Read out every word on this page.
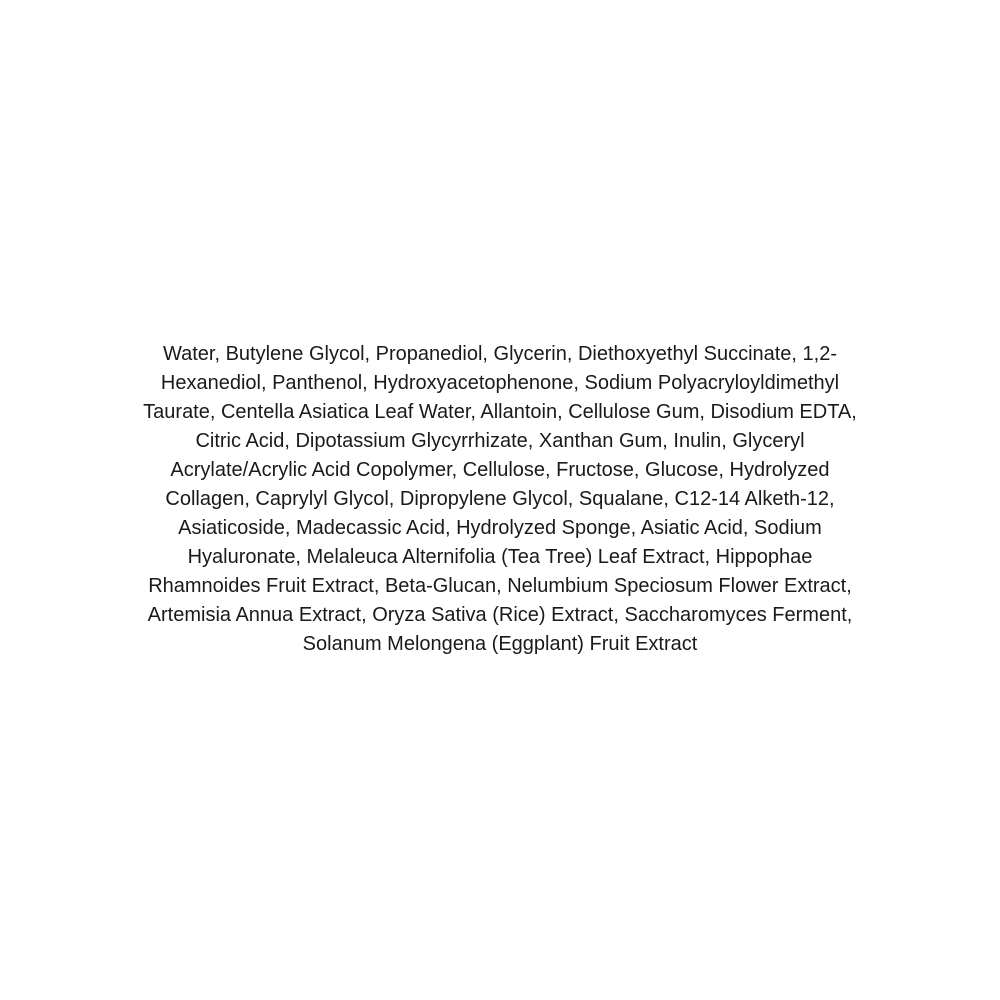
Water, Butylene Glycol, Propanediol, Glycerin, Diethoxyethyl Succinate, 1,2-
Hexanediol, Panthenol, Hydroxyacetophenone, Sodium Polyacryloyldimethyl
Taurate, Centella Asiatica Leaf Water, Allantoin, Cellulose Gum, Disodium EDTA,
Citric Acid, Dipotassium Glycyrrhizate, Xanthan Gum, Inulin, Glyceryl
Acrylate/Acrylic Acid Copolymer, Cellulose, Fructose, Glucose, Hydrolyzed
Collagen, Caprylyl Glycol, Dipropylene Glycol, Squalane, C12-14 Alketh-12,
Asiaticoside, Madecassic Acid, Hydrolyzed Sponge, Asiatic Acid, Sodium
Hyaluronate, Melaleuca Alternifolia (Tea Tree) Leaf Extract, Hippophae
Rhamnoides Fruit Extract, Beta-Glucan, Nelumbium Speciosum Flower Extract,
Artemisia Annua Extract, Oryza Sativa (Rice) Extract, Saccharomyces Ferment,
Solanum Melongena (Eggplant) Fruit Extract
